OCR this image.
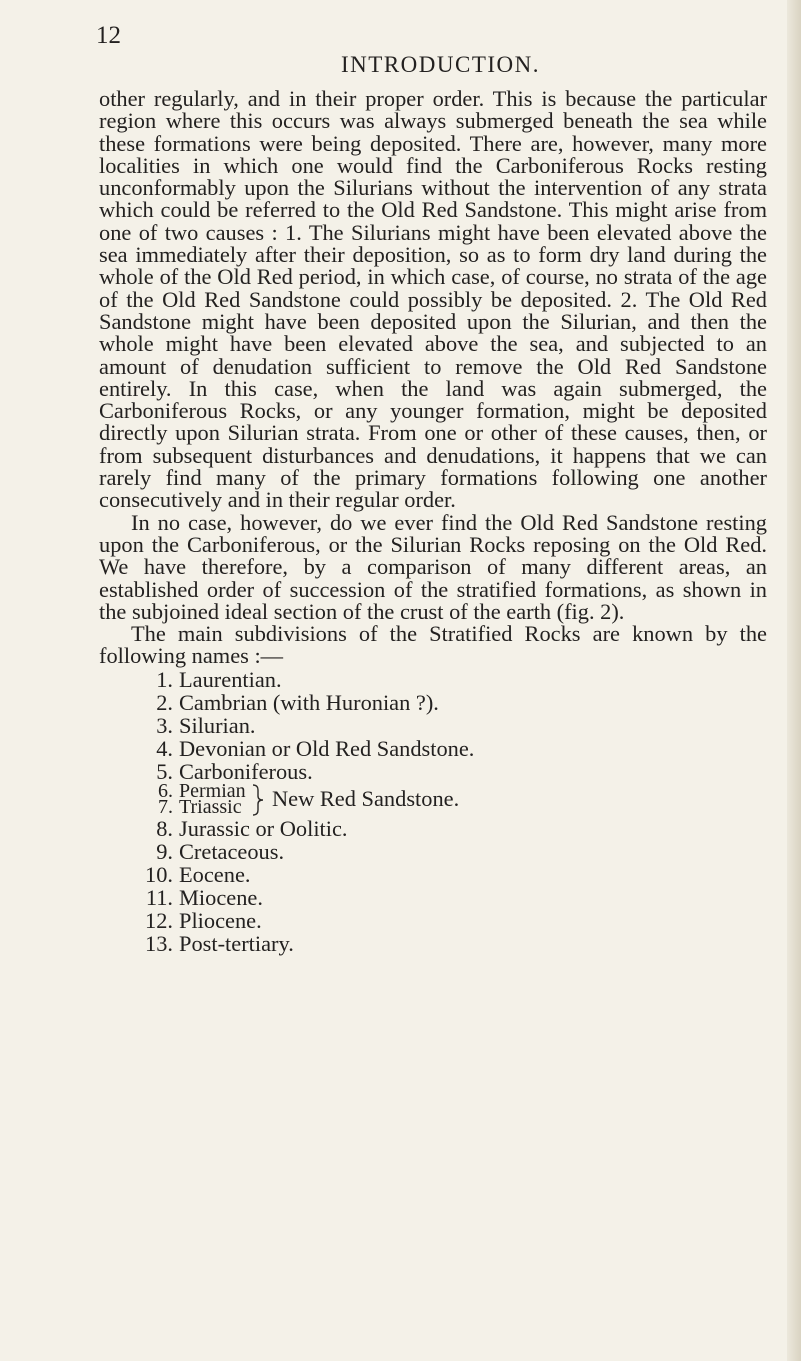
12
INTRODUCTION.

other regularly, and in their proper order. This is because the particular region where this occurs was always submerged beneath the sea while these formations were being deposited. There are, however, many more localities in which one would find the Carboniferous Rocks resting unconformably upon the Silurians without the intervention of any strata which could be referred to the Old Red Sandstone. This might arise from one of two causes : 1. The Silurians might have been elevated above the sea immediately after their deposition, so as to form dry land during the whole of the Old Red period, in which case, of course, no strata of the age of the Old Red Sandstone could possibly be deposited. 2. The Old Red Sandstone might have been deposited upon the Silurian, and then the whole might have been elevated above the sea, and subjected to an amount of denudation sufficient to remove the Old Red Sandstone entirely. In this case, when the land was again submerged, the Carboniferous Rocks, or any younger formation, might be deposited directly upon Silurian strata. From one or other of these causes, then, or from subsequent disturbances and denudations, it happens that we can rarely find many of the primary formations following one another consecutively and in their regular order.

In no case, however, do we ever find the Old Red Sandstone resting upon the Carboniferous, or the Silurian Rocks reposing on the Old Red. We have therefore, by a comparison of many different areas, an established order of succession of the stratified formations, as shown in the subjoined ideal section of the crust of the earth (fig. 2).

The main subdivisions of the Stratified Rocks are known by the following names :—

1. Laurentian.
2. Cambrian (with Huronian ?).
3. Silurian.
4. Devonian or Old Red Sandstone.
5. Carboniferous.
6. Permian
7. Triassic New Red Sandstone.
8. Jurassic or Oolitic.
9. Cretaceous.
10. Eocene.
11. Miocene.
12. Pliocene.
13. Post-tertiary.
